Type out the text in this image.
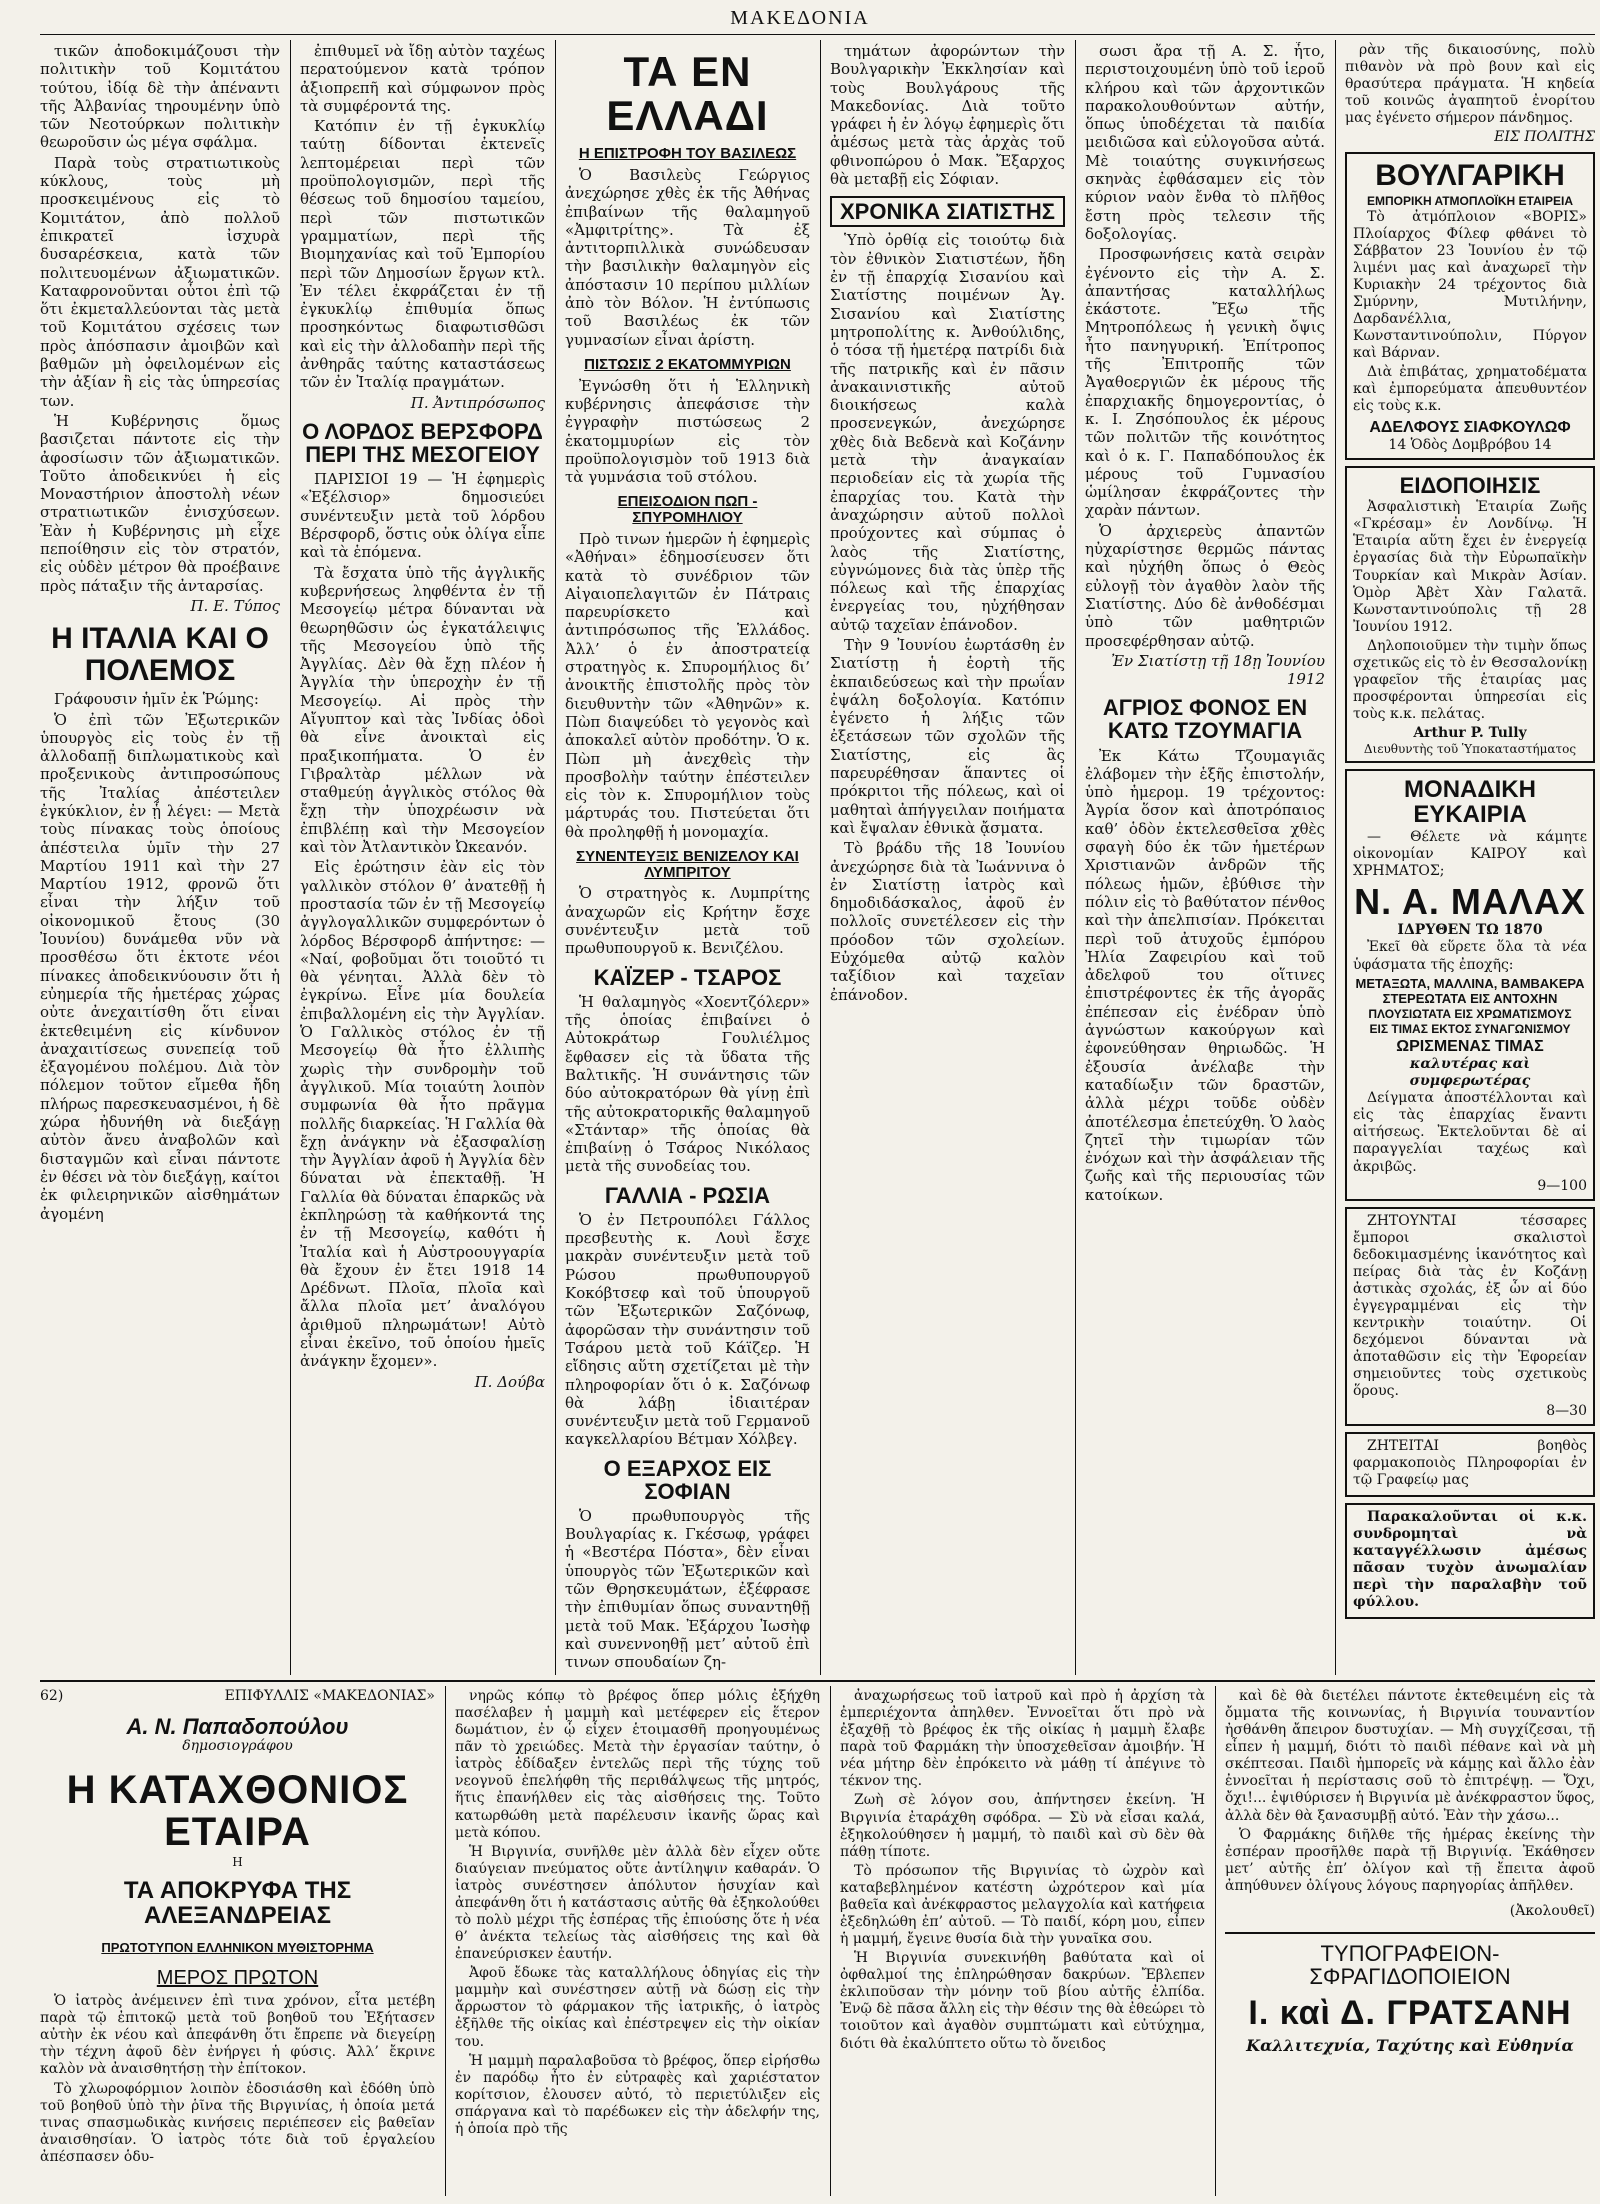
ΜΑΚΕΔΟΝΙΑ

τικῶν ἀποδοκιμάζουσι τὴν πολιτικὴν τοῦ Κομιτάτου τούτου, ἰδίᾳ δὲ τὴν ἀπέναντι τῆς Ἀλβανίας τηρουμένην ὑπὸ τῶν Νεοτούρκων πολιτικὴν θεωροῦσιν ὡς μέγα σφάλμα.

Παρὰ τοὺς στρατιωτικοὺς κύκλους, τοὺς μὴ προσκειμένους εἰς τὸ Κομιτάτον, ἀπὸ πολλοῦ ἐπικρατεῖ ἰσχυρὰ δυσαρέσκεια, κατὰ τῶν πολιτευομένων ἀξιωματικῶν. Καταφρονοῦνται οὗτοι ἐπὶ τῷ ὅτι ἐκμεταλλεύονται τὰς μετὰ τοῦ Κομιτάτου σχέσεις των πρὸς ἀπόσπασιν ἀμοιβῶν καὶ βαθμῶν μὴ ὀφειλομένων εἰς τὴν ἀξίαν ἢ εἰς τὰς ὑπηρεσίας των.

Ἡ Κυβέρνησις ὅμως βασιζεται πάντοτε εἰς τὴν ἀφοσίωσιν τῶν ἀξιωματικῶν. Τοῦτο ἀποδεικνύει ἡ εἰς Μοναστήριον ἀποστολὴ νέων στρατιωτικῶν ἐνισχύσεων. Ἐὰν ἡ Κυβέρνησις μὴ εἶχε πεποίθησιν εἰς τὸν στρατόν, εἰς οὐδὲν μέτρον θὰ προέβαινε πρὸς πάταξιν τῆς ἀνταρσίας.

Π. Ε. Τύπος
Η ΙΤΑΛΙΑ ΚΑΙ Ο ΠΟΛΕΜΟΣ

Γράφουσιν ἡμῖν ἐκ Ῥώμης:

Ὁ ἐπὶ τῶν Ἐξωτερικῶν ὑπουργὸς εἰς τοὺς ἐν τῇ ἀλλοδαπῇ διπλωματικοὺς καὶ προξενικοὺς ἀντιπροσώπους τῆς Ἰταλίας ἀπέστειλεν ἐγκύκλιον, ἐν ᾗ λέγει: — Μετὰ τοὺς πίνακας τοὺς ὁποίους ἀπέστειλα ὑμῖν τὴν 27 Μαρτίου 1911 καὶ τὴν 27 Μαρτίου 1912, φρονῶ ὅτι εἶναι τὴν λήξιν τοῦ οἰκονομικοῦ ἔτους (30 Ἰουνίου) δυνάμεθα νῦν νὰ προσθέσω ὅτι ἐκτοτε νέοι πίνακες ἀποδεικνύουσιν ὅτι ἡ εὐημερία τῆς ἡμετέρας χώρας οὐτε ἀνεχαιτίσθη ὅτι εἶναι ἐκτεθειμένη εἰς κίνδυνον ἀναχαιτίσεως συνεπείᾳ τοῦ ἐξαγομένου πολέμου. Διὰ τὸν πόλεμον τοῦτον εἴμεθα ἤδη πλήρως παρεσκευασμένοι, ἡ δὲ χώρα ἠδυνήθη νὰ διεξάγῃ αὐτὸν ἄνευ ἀναβολῶν καὶ δισταγμῶν καὶ εἶναι πάντοτε ἐν θέσει νὰ τὸν διεξάγῃ, καίτοι ἐκ φιλειρηνικῶν αἰσθημάτων ἀγομένη

ἐπιθυμεῖ νὰ ἴδῃ αὐτὸν ταχέως περατούμενον κατὰ τρόπον ἀξιοπρεπῆ καὶ σύμφωνον πρὸς τὰ συμφέροντά της.

Κατόπιν ἐν τῇ ἐγκυκλίῳ ταύτῃ δίδονται ἐκτενεῖς λεπτομέρειαι περὶ τῶν προϋπολογισμῶν, περὶ τῆς θέσεως τοῦ δημοσίου ταμείου, περὶ τῶν πιστωτικῶν γραμματίων, περὶ τῆς Βιομηχανίας καὶ τοῦ Ἐμπορίου περὶ τῶν Δημοσίων ἔργων κτλ. Ἐν τέλει ἐκφράζεται ἐν τῇ ἐγκυκλίῳ ἐπιθυμία ὅπως προσηκόντως διαφωτισθῶσι καὶ εἰς τὴν ἀλλοδαπὴν περὶ τῆς ἀνθηρᾶς ταύτης καταστάσεως τῶν ἐν Ἰταλίᾳ πραγμάτων.

Π. Ἀντιπρόσωπος
Ο ΛΟΡΔΟΣ ΒΕΡΣΦΟΡΔ ΠΕΡΙ ΤΗΣ ΜΕΣΟΓΕΙΟΥ

ΠΑΡΙΣΙΟΙ 19 — Ἡ ἐφημερὶς «Ἐξέλσιορ» δημοσιεύει συνέντευξιν μετὰ τοῦ λόρδου Βέρσφορδ, ὅστις οὐκ ὀλίγα εἶπε καὶ τὰ ἑπόμενα.

Τὰ ἔσχατα ὑπὸ τῆς ἀγγλικῆς κυβερνήσεως ληφθέντα ἐν τῇ Μεσογείῳ μέτρα δύνανται νὰ θεωρηθῶσιν ὡς ἐγκατάλειψις τῆς Μεσογείου ὑπὸ τῆς Ἀγγλίας. Δὲν θὰ ἔχῃ πλέον ἡ Ἀγγλία τὴν ὑπεροχὴν ἐν τῇ Μεσογείῳ. Αἱ πρὸς τὴν Αἴγυπτον καὶ τὰς Ἰνδίας ὁδοὶ θὰ εἶνε ἀνοικταὶ εἰς πραξικοπήματα. Ὁ ἐν Γιβραλτὰρ μέλλων νὰ σταθμεύῃ ἀγγλικὸς στόλος θὰ ἔχῃ τὴν ὑποχρέωσιν νὰ ἐπιβλέπῃ καὶ τὴν Μεσογείον καὶ τὸν Ἀτλαντικὸν Ὠκεανόν.

Εἰς ἐρώτησιν ἐὰν εἰς τὸν γαλλικὸν στόλον θ’ ἀνατεθῇ ἡ προστασία τῶν ἐν τῇ Μεσογείῳ ἀγγλογαλλικῶν συμφερόντων ὁ λόρδος Βέρσφορδ ἀπήντησε: — «Ναί, φοβοῦμαι ὅτι τοιοῦτό τι θὰ γένηται. Ἀλλὰ δὲν τὸ ἐγκρίνω. Εἶνε μία δουλεία ἐπιβαλλομένη εἰς τὴν Ἀγγλίαν. Ὁ Γαλλικὸς στόλος ἐν τῇ Μεσογείῳ θὰ ἦτο ἐλλιπὴς χωρὶς τὴν συνδρομὴν τοῦ ἀγγλικοῦ. Μία τοιαύτη λοιπὸν συμφωνία θὰ ἦτο πρᾶγμα πολλῆς διαρκείας. Ἡ Γαλλία θὰ ἔχῃ ἀνάγκην νὰ ἐξασφαλίσῃ τὴν Ἀγγλίαν ἀφοῦ ἡ Ἀγγλία δὲν δύναται νὰ ἐπεκταθῇ. Ἡ Γαλλία θὰ δύναται ἐπαρκῶς νὰ ἐκπληρώσῃ τὰ καθήκοντά της ἐν τῇ Μεσογείῳ, καθότι ἡ Ἰταλία καὶ ἡ Αὐστροουγγαρία θὰ ἔχουν ἐν ἔτει 1918 14 Δρέδνωτ. Πλοῖα, πλοῖα καὶ ἄλλα πλοῖα μετ’ ἀναλόγου ἀριθμοῦ πληρωμάτων! Αὐτὸ εἶναι ἐκεῖνο, τοῦ ὁποίου ἡμεῖς ἀνάγκην ἔχομεν».

Π. Δούβα
ΤΑ ΕΝ ΕΛΛΑΔΙ
Η ΕΠΙΣΤΡΟΦΗ ΤΟΥ ΒΑΣΙΛΕΩΣ

Ὁ Βασιλεὺς Γεώργιος ἀνεχώρησε χθὲς ἐκ τῆς Ἀθήνας ἐπιβαίνων τῆς θαλαμηγοῦ «Ἀμφιτρίτης». Τὰ ἐξ ἀντιτορπιλλικὰ συνώδευσαν τὴν βασιλικὴν θαλαμηγὸν εἰς ἀπόστασιν 10 περίπου μιλλίων ἀπὸ τὸν Βόλον. Ἡ ἐντύπωσις τοῦ Βασιλέως ἐκ τῶν γυμνασίων εἶναι ἀρίστη.

ΠΙΣΤΩΣΙΣ 2 ΕΚΑΤΟΜΜΥΡΙΩΝ

Ἐγνώσθη ὅτι ἡ Ἑλληνικὴ κυβέρνησις ἀπεφάσισε τὴν ἐγγραφὴν πιστώσεως 2 ἑκατομμυρίων εἰς τὸν προϋπολογισμὸν τοῦ 1913 διὰ τὰ γυμνάσια τοῦ στόλου.

ΕΠΕΙΣΟΔΙΟΝ ΠΩΠ - ΣΠΥΡΟΜΗΛΙΟΥ

Πρὸ τινων ἡμερῶν ἡ ἐφημερὶς «Ἀθήναι» ἐδημοσίευσεν ὅτι κατὰ τὸ συνέδριον τῶν Αἰγαιοπελαγιτῶν ἐν Πάτραις παρευρίσκετο καὶ ἀντιπρόσωπος τῆς Ἑλλάδος. Ἀλλ’ ὁ ἐν ἀποστρατείᾳ στρατηγὸς κ. Σπυρομήλιος δι’ ἀνοικτῆς ἐπιστολῆς πρὸς τὸν διευθυντὴν τῶν «Ἀθηνῶν» κ. Πὼπ διαψεύδει τὸ γεγονὸς καὶ ἀποκαλεῖ αὐτὸν προδότην. Ὁ κ. Πὼπ μὴ ἀνεχθεὶς τὴν προσβολὴν ταύτην ἐπέστειλεν εἰς τὸν κ. Σπυρομήλιον τοὺς μάρτυράς του. Πιστεύεται ὅτι θὰ προληφθῇ ἡ μονομαχία.

ΣΥΝΕΝΤΕΥΞΙΣ ΒΕΝΙΖΕΛΟΥ ΚΑΙ ΛΥΜΠΡΙΤΟΥ

Ὁ στρατηγὸς κ. Λυμπρίτης ἀναχωρῶν εἰς Κρήτην ἔσχε συνέντευξιν μετὰ τοῦ πρωθυπουργοῦ κ. Βενιζέλου.

ΚΑΪΖΕΡ - ΤΣΑΡΟΣ

Ἡ θαλαμηγὸς «Χοεντζόλερν» τῆς ὁποίας ἐπιβαίνει ὁ Αὐτοκράτωρ Γουλιέλμος ἔφθασεν εἰς τὰ ὕδατα τῆς Βαλτικῆς. Ἡ συνάντησις τῶν δύο αὐτοκρατόρων θὰ γίνῃ ἐπὶ τῆς αὐτοκρατορικῆς θαλαμηγοῦ «Στάνταρ» τῆς ὁποίας θὰ ἐπιβαίνῃ ὁ Τσάρος Νικόλαος μετὰ τῆς συνοδείας του.

ΓΑΛΛΙΑ - ΡΩΣΙΑ

Ὁ ἐν Πετρουπόλει Γάλλος πρεσβευτὴς κ. Λουὶ ἔσχε μακρὰν συνέντευξιν μετὰ τοῦ Ρώσου πρωθυπουργοῦ Κοκόβτσεφ καὶ τοῦ ὑπουργοῦ τῶν Ἐξωτερικῶν Σαζόνωφ, ἀφορῶσαν τὴν συνάντησιν τοῦ Τσάρου μετὰ τοῦ Κάϊζερ. Ἡ εἴδησις αὕτη σχετίζεται μὲ τὴν πληροφορίαν ὅτι ὁ κ. Σαζόνωφ θὰ λάβῃ ἰδιαιτέραν συνέντευξιν μετὰ τοῦ Γερμανοῦ καγκελλαρίου Βέτμαν Χόλβεγ.

Ο ΕΞΑΡΧΟΣ ΕΙΣ ΣΟΦΙΑΝ

Ὁ πρωθυπουργὸς τῆς Βουλγαρίας κ. Γκέσωφ, γράφει ἡ «Βεστέρα Πόστα», δὲν εἶναι ὑπουργὸς τῶν Ἐξωτερικῶν καὶ τῶν Θρησκευμάτων, ἐξέφρασε τὴν ἐπιθυμίαν ὅπως συναντηθῇ μετὰ τοῦ Μακ. Ἐξάρχου Ἰωσὴφ καὶ συνεννοηθῇ μετ’ αὐτοῦ ἐπὶ τινων σπουδαίων ζη-

τημάτων ἀφορώντων τὴν Βουλγαρικὴν Ἐκκλησίαν καὶ τοὺς Βουλγάρους τῆς Μακεδονίας. Διὰ τοῦτο γράφει ἡ ἐν λόγῳ ἐφημερὶς ὅτι ἀμέσως μετὰ τὰς ἀρχὰς τοῦ φθινοπώρου ὁ Μακ. Ἔξαρχος θὰ μεταβῇ εἰς Σόφιαν.

ΧΡΟΝΙΚΑ ΣΙΑΤΙΣΤΗΣ

Ὑπὸ ὀρθίᾳ εἰς τοιούτῳ διὰ τὸν ἐθνικὸν Σιατιστέων, ἤδη ἐν τῇ ἐπαρχίᾳ Σισανίου καὶ Σιατίστης ποιμένων Ἁγ. Σισανίου καὶ Σιατίστης μητροπολίτης κ. Ἀνθούλιδης, ὁ τόσα τῇ ἡμετέρᾳ πατρίδι διὰ τῆς πατρικῆς καὶ ἐν πᾶσιν ἀνακαινιστικῆς αὐτοῦ διοικήσεως καλὰ προσενεγκών, ἀνεχώρησε χθὲς διὰ Βεδενὰ καὶ Κοζάνην μετὰ τὴν ἀναγκαίαν περιοδείαν εἰς τὰ χωρία τῆς ἐπαρχίας του. Κατὰ τὴν ἀναχώρησιν αὐτοῦ πολλοὶ προύχοντες καὶ σύμπας ὁ λαὸς τῆς Σιατίστης, εὐγνώμονες διὰ τὰς ὑπὲρ τῆς πόλεως καὶ τῆς ἐπαρχίας ἐνεργείας του, ηὐχήθησαν αὐτῷ ταχεῖαν ἐπάνοδον.

Τὴν 9 Ἰουνίου ἐωρτάσθη ἐν Σιατίστῃ ἡ ἑορτὴ τῆς ἐκπαιδεύσεως καὶ τὴν πρωΐαν ἐψάλη δοξολογία. Κατόπιν ἐγένετο ἡ λήξις τῶν ἐξετάσεων τῶν σχολῶν τῆς Σιατίστης, εἰς ἃς παρευρέθησαν ἅπαντες οἱ πρόκριτοι τῆς πόλεως, καὶ οἱ μαθηταὶ ἀπήγγειλαν ποιήματα καὶ ἔψαλαν ἐθνικὰ ᾄσματα.

Τὸ βράδυ τῆς 18 Ἰουνίου ἀνεχώρησε διὰ τὰ Ἰωάννινα ὁ ἐν Σιατίστῃ ἰατρὸς καὶ δημοδιδάσκαλος, ἀφοῦ ἐν πολλοῖς συνετέλεσεν εἰς τὴν πρόοδον τῶν σχολείων. Εὐχόμεθα αὐτῷ καλὸν ταξίδιον καὶ ταχεῖαν ἐπάνοδον.

σωσι ἄρα τῇ Α. Σ. ἦτο, περιστοιχουμένη ὑπὸ τοῦ ἱεροῦ κλήρου καὶ τῶν ἀρχοντικῶν παρακολουθούντων αὐτήν, ὅπως ὑποδέχεται τὰ παιδία μειδιῶσα καὶ εὐλογοῦσα αὐτά. Μὲ τοιαύτης συγκινήσεως σκηνὰς ἐφθάσαμεν εἰς τὸν κύριον ναὸν ἔνθα τὸ πλῆθος ἔστη πρὸς τελεσιν τῆς δοξολογίας.

Προσφωνήσεις κατὰ σειρὰν ἐγένοντο εἰς τὴν Α. Σ. ἀπαντήσας καταλλήλως ἐκάστοτε. Ἔξω τῆς Μητροπόλεως ἡ γενικὴ ὄψις ἦτο πανηγυρική. Ἐπίτροπος τῆς Ἐπιτροπῆς τῶν Ἀγαθοεργιῶν ἐκ μέρους τῆς ἐπαρχιακῆς δημογεροντίας, ὁ κ. Ι. Ζησόπουλος ἐκ μέρους τῶν πολιτῶν τῆς κοινότητος καὶ ὁ κ. Γ. Παπαδόπουλος ἐκ μέρους τοῦ Γυμνασίου ὡμίλησαν ἐκφράζοντες τὴν χαρὰν πάντων.

Ὁ ἀρχιερεὺς ἀπαντῶν ηὐχαρίστησε θερμῶς πάντας καὶ ηὐχήθη ὅπως ὁ Θεὸς εὐλογῇ τὸν ἀγαθὸν λαὸν τῆς Σιατίστης. Δύο δὲ ἀνθοδέσμαι ὑπὸ τῶν μαθητριῶν προσεφέρθησαν αὐτῷ.

Ἐν Σιατίστῃ τῇ 18ῃ Ἰουνίου 1912
ΑΓΡΙΟΣ ΦΟΝΟΣ ΕΝ ΚΑΤΩ ΤΖΟΥΜΑΓΙΑ

Ἐκ Κάτω Τζουμαγιᾶς ἐλάβομεν τὴν ἑξῆς ἐπιστολήν, ὑπὸ ἡμερομ. 19 τρέχοντος: Ἀγρία ὅσον καὶ ἀποτρόπαιος καθ’ ὁδὸν ἐκτελεσθεῖσα χθὲς σφαγὴ δύο ἐκ τῶν ἡμετέρων Χριστιανῶν ἀνδρῶν τῆς πόλεως ἡμῶν, ἐβύθισε τὴν πόλιν εἰς τὸ βαθύτατον πένθος καὶ τὴν ἀπελπισίαν. Πρόκειται περὶ τοῦ ἀτυχοῦς ἐμπόρου Ἠλία Ζαφειρίου καὶ τοῦ ἀδελφοῦ του οἵτινες ἐπιστρέφοντες ἐκ τῆς ἀγορᾶς ἐπέπεσαν εἰς ἐνέδραν ὑπὸ ἀγνώστων κακούργων καὶ ἐφονεύθησαν θηριωδῶς. Ἡ ἐξουσία ἀνέλαβε τὴν καταδίωξιν τῶν δραστῶν, ἀλλὰ μέχρι τοῦδε οὐδὲν ἀποτέλεσμα ἐπετεύχθη. Ὁ λαὸς ζητεῖ τὴν τιμωρίαν τῶν ἐνόχων καὶ τὴν ἀσφάλειαν τῆς ζωῆς καὶ τῆς περιουσίας τῶν κατοίκων.

ρὰν τῆς δικαιοσύνης, πολὺ πιθανὸν νὰ πρὸ βουν καὶ εἰς θρασύτερα πράγματα. Ἡ κηδεία τοῦ κοινῶς ἀγαπητοῦ ἐνορίτου μας ἐγένετο σήμερον πάνδημος.

ΕΙΣ ΠΟΛΙΤΗΣ
ΒΟΥΛΓΑΡΙΚΗ
ΕΜΠΟΡΙΚΗ ΑΤΜΟΠΛΟΪΚΗ ΕΤΑΙΡΕΙΑ

Τὸ ἀτμόπλοιον «ΒΟΡΙΣ» Πλοίαρχος Φίλεφ φθάνει τὸ Σάββατον 23 Ἰουνίου ἐν τῷ λιμένι μας καὶ ἀναχωρεῖ τὴν Κυριακὴν 24 τρέχοντος διὰ Σμύρνην, Μυτιλήνην, Δαρδανέλλια, Κωνσταντινούπολιν, Πύργον καὶ Βάρναν.

Διὰ ἐπιβάτας, χρηματοδέματα καὶ ἐμπορεύματα ἀπευθυντέον εἰς τοὺς κ.κ.

ΑΔΕΛΦΟΥΣ ΣΙΑΦΚΟΥΛΩΦ
14 Ὁδὸς Δομβρόβου 14
ΕΙΔΟΠΟΙΗΣΙΣ

Ἀσφαλιστικὴ Ἑταιρία Ζωῆς «Γκρέσαμ» ἐν Λονδίνῳ. Ἡ Ἑταιρία αὕτη ἔχει ἐν ἐνεργείᾳ ἐργασίας διὰ τὴν Εὐρωπαϊκὴν Τουρκίαν καὶ Μικρὰν Ἀσίαν. Ὁμὸρ Ἀβὲτ Χὰν Γαλατᾶ. Κωνσταντινούπολις τῇ 28 Ἰουνίου 1912.

Δηλοποιοῦμεν τὴν τιμὴν ὅπως σχετικῶς εἰς τὸ ἐν Θεσσαλονίκῃ γραφεῖον τῆς ἑταιρίας μας προσφέρονται ὑπηρεσίαι εἰς τοὺς κ.κ. πελάτας.

Arthur P. Tully
Διευθυντὴς τοῦ Ὑποκαταστήματος
ΜΟΝΑΔΙΚΗ ΕΥΚΑΙΡΙΑ

— Θέλετε νὰ κάμητε οἰκονομίαν ΚΑΙΡΟΥ καὶ ΧΡΗΜΑΤΟΣ;

Ν. Α. ΜΑΛΑΧ
ΙΔΡΥΘΕΝ ΤΩ 1870

Ἐκεῖ θὰ εὕρετε ὅλα τὰ νέα ὑφάσματα τῆς ἐποχῆς:

ΜΕΤΑΞΩΤΑ, ΜΑΛΛΙΝΑ, ΒΑΜΒΑΚΕΡΑ
ΣΤΕΡΕΩΤΑΤΑ ΕΙΣ ΑΝΤΟΧΗΝ
ΠΛΟΥΣΙΩΤΑΤΑ ΕΙΣ ΧΡΩΜΑΤΙΣΜΟΥΣ
ΕΙΣ ΤΙΜΑΣ ΕΚΤΟΣ ΣΥΝΑΓΩΝΙΣΜΟΥ
ΩΡΙΣΜΕΝΑΣ ΤΙΜΑΣ
καλυτέρας καὶ συμφερωτέρας

Δείγματα ἀποστέλλονται καὶ εἰς τὰς ἐπαρχίας ἔναντι αἰτήσεως. Ἐκτελοῦνται δὲ αἱ παραγγελίαι ταχέως καὶ ἀκριβῶς.

9—100

ΖΗΤΟΥΝΤΑΙ τέσσαρες ἔμποροι σκαλιστοὶ δεδοκιμασμένης ἱκανότητος καὶ πείρας διὰ τὰς ἐν Κοζάνῃ ἀστικὰς σχολάς, ἐξ ὧν αἱ δύο ἐγγεγραμμέναι εἰς τὴν κεντρικὴν τοιαύτην. Οἱ δεχόμενοι δύνανται νὰ ἀποταθῶσιν εἰς τὴν Ἐφορείαν σημειοῦντες τοὺς σχετικοὺς ὅρους.

8—30

ΖΗΤΕΙΤΑΙ βοηθὸς φαρμακοποιὸς Πληροφορίαι ἐν τῷ Γραφείῳ μας

Παρακαλοῦνται οἱ κ.κ. συνδρομηταὶ νὰ καταγγέλλωσιν ἀμέσως πᾶσαν τυχὸν ἀνωμαλίαν περὶ τὴν παραλαβὴν τοῦ φύλλου.

62)	ΕΠΙΦΥΛΛΙΣ «ΜΑΚΕΔΟΝΙΑΣ»
Α. Ν. Παπαδοπούλου
δημοσιογράφου
Η ΚΑΤΑΧΘΟΝΙΟΣ ΕΤΑΙΡΑ
Η
ΤΑ ΑΠΟΚΡΥΦΑ ΤΗΣ ΑΛΕΞΑΝΔΡΕΙΑΣ
ΠΡΩΤΟΤΥΠΟΝ ΕΛΛΗΝΙΚΟΝ ΜΥΘΙΣΤΟΡΗΜΑ
ΜΕΡΟΣ ΠΡΩΤΟΝ

Ὁ ἰατρὸς ἀνέμεινεν ἐπὶ τινα χρόνον, εἶτα μετέβη παρὰ τῷ ἐπιτοκῷ μετὰ τοῦ βοηθοῦ του Ἐξήτασεν αὐτὴν ἐκ νέου καὶ ἀπεφάνθη ὅτι ἔπρεπε νὰ διεγείρῃ τὴν τέχνη ἀφοῦ δὲν ἐνήργει ἡ φύσις. Ἀλλ’ ἔκρινε καλὸν νὰ ἀναισθητήσῃ τὴν ἐπίτοκον.

Τὸ χλωροφόρμιον λοιπὸν ἐδοσιάσθη καὶ ἐδόθη ὑπὸ τοῦ βοηθοῦ ὑπὸ τὴν ῥῖνα τῆς Βιργινίας, ἡ ὁποία μετά τινας σπασμωδικὰς κινήσεις περιέπεσεν εἰς βαθεῖαν ἀναισθησίαν. Ὁ ἰατρὸς τότε διὰ τοῦ ἐργαλείου ἀπέσπασεν ὁδυ-

νηρῶς κόπῳ τὸ βρέφος ὅπερ μόλις ἐξήχθη πασέλαβεν ἡ μαμμὴ καὶ μετέφερεν εἰς ἕτερον δωμάτιον, ἐν ᾧ εἶχεν ἑτοιμασθῆ προηγουμένως πᾶν τὸ χρειώδες. Μετὰ τὴν ἐργασίαν ταύτην, ὁ ἰατρὸς ἐδίδαξεν ἐντελῶς περὶ τῆς τύχης τοῦ νεογνοῦ ἐπελήφθη τῆς περιθάλψεως τῆς μητρός, ἥτις ἐπανήλθεν εἰς τὰς αἰσθήσεις της. Τοῦτο κατωρθώθη μετὰ παρέλευσιν ἱκανῆς ὥρας καὶ μετὰ κόπου.

Ἡ Βιργινία, συνῆλθε μὲν ἀλλὰ δὲν εἶχεν οὔτε διαύγειαν πνεύματος οὔτε ἀντίληψιν καθαράν. Ὁ ἰατρὸς συνέστησεν ἀπόλυτον ἡσυχίαν καὶ ἀπεφάνθη ὅτι ἡ κατάστασις αὐτῆς θὰ ἐξηκολούθει τὸ πολὺ μέχρι τῆς ἑσπέρας τῆς ἐπιούσης ὅτε ἡ νέα θ’ ἀνέκτα τελείως τὰς αἰσθήσεις της καὶ θὰ ἐπανεύρισκεν ἑαυτήν.

Ἀφοῦ ἔδωκε τὰς καταλλήλους ὁδηγίας εἰς τὴν μαμμὴν καὶ συνέστησεν αὐτῇ νὰ δώσῃ εἰς τὴν ἄρρωστον τὸ φάρμακον τῆς ἰατρικῆς, ὁ ἰατρὸς ἐξῆλθε τῆς οἰκίας καὶ ἐπέστρεψεν εἰς τὴν οἰκίαν του.

Ἡ μαμμὴ παραλαβοῦσα τὸ βρέφος, ὅπερ εἰρήσθω ἐν παρόδῳ ἦτο ἐν εὐτραφὲς καὶ χαριέστατον κορίτσιον, ἐλουσεν αὐτό, τὸ περιετύλιξεν εἰς σπάργανα καὶ τὸ παρέδωκεν εἰς τὴν ἀδελφήν της, ἡ ὁποία πρὸ τῆς

ἀναχωρήσεως τοῦ ἰατροῦ καὶ πρὸ ἡ ἀρχίση τὰ ἐμπεριέχοντα ἀπηλθεν. Ἐννοεῖται ὅτι πρὸ νὰ ἐξαχθῇ τὸ βρέφος ἐκ τῆς οἰκίας ἡ μαμμὴ ἔλαβε παρὰ τοῦ Φαρμάκη τὴν ὑποσχεθεῖσαν ἀμοιβήν. Ἡ νέα μήτηρ δὲν ἐπρόκειτο νὰ μάθῃ τί ἀπέγινε τὸ τέκνον της.

Ζωὴ σὲ λόγον σου, ἀπήντησεν ἐκείνη. Ἡ Βιργινία ἐταράχθη σφόδρα. — Σὺ νὰ εἶσαι καλά, ἐξηκολούθησεν ἡ μαμμή, τὸ παιδὶ καὶ σὺ δὲν θὰ πάθῃ τίποτε.

Τὸ πρόσωπον τῆς Βιργινίας τὸ ὠχρὸν καὶ καταβεβλημένον κατέστη ὠχρότερον καὶ μία βαθεῖα καὶ ἀνέκφραστος μελαγχολία καὶ κατήφεια ἐξεδηλώθη ἐπ’ αὐτοῦ. — Τὸ παιδί, κόρη μου, εἶπεν ἡ μαμμή, ἔγεινε θυσία διὰ τὴν γυναῖκα σου.

Ἡ Βιργινία συνεκινήθη βαθύτατα καὶ οἱ ὀφθαλμοί της ἐπληρώθησαν δακρύων. Ἔβλεπεν ἐκλιποῦσαν τὴν μόνην τοῦ βίου αὐτῆς ἐλπίδα. Ἐνῷ δὲ πᾶσα ἄλλη εἰς τὴν θέσιν της θὰ ἐθεώρει τὸ τοιοῦτον καὶ ἀγαθὸν συμπτώματι καὶ εὐτύχημα, διότι θὰ ἐκαλύπτετο οὕτω τὸ ὄνειδος

καὶ δὲ θὰ διετέλει πάντοτε ἐκτεθειμένη εἰς τὰ ὄμματα τῆς κοινωνίας, ἡ Βιργινία τουναντίον ἠσθάνθη ἄπειρον δυστυχίαν. — Μὴ συγχίζεσαι, τῇ εἶπεν ἡ μαμμή, διότι τὸ παιδὶ πέθανε καὶ νὰ μὴ σκέπτεσαι. Παιδὶ ἠμπορεῖς νὰ κάμῃς καὶ ἄλλο ἐὰν ἐννοεῖται ἡ περίστασις σοῦ τὸ ἐπιτρέψῃ. — Ὄχι, ὄχι!... ἐψιθύρισεν ἡ Βιργινία μὲ ἀνέκφραστον ὕφος, ἀλλὰ δὲν θὰ ξανασυμβῇ αὐτό. Ἐὰν τὴν χάσω...

Ὁ Φαρμάκης διῆλθε τῆς ἡμέρας ἐκείνης τὴν ἐσπέραν προσῆλθε παρὰ τῇ Βιργινίᾳ. Ἐκάθησεν μετ’ αὐτῆς ἐπ’ ὀλίγον καὶ τῇ ἔπειτα ἀφοῦ ἀπηύθυνεν ὀλίγους λόγους παρηγορίας ἀπῆλθεν.

(Ἀκολουθεῖ)
ΤΥΠΟΓΡΑΦΕΙΟΝ-ΣΦΡΑΓΙΔΟΠΟΙΕΙΟΝ
Ι. καὶ Δ. ΓΡΑΤΣΑΝΗ
Καλλιτεχνία, Ταχύτης καὶ Εὐθηνία
